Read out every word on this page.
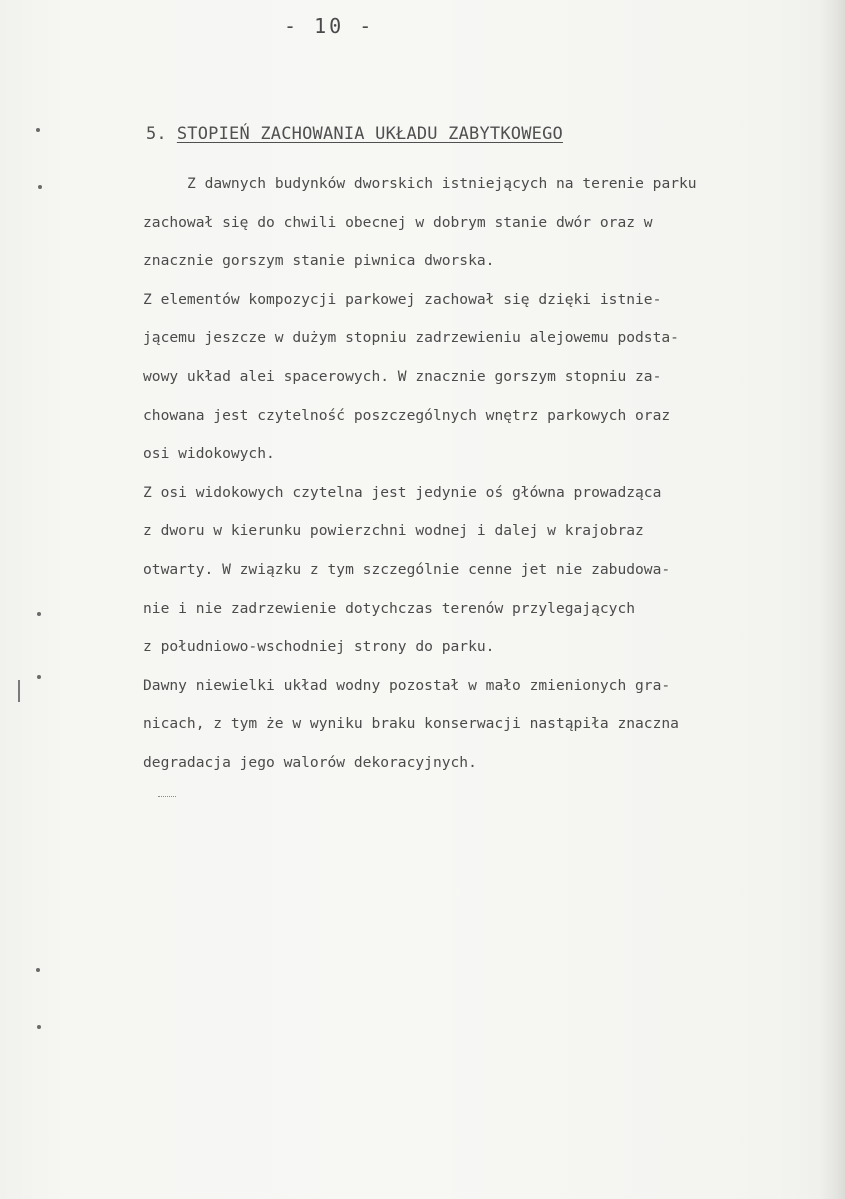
- 10 -
5. STOPIEŃ ZACHOWANIA UKŁADU ZABYTKOWEGO
Z dawnych budynków dworskich istniejących na terenie parku
zachował się do chwili obecnej w dobrym stanie dwór oraz w
znacznie gorszym stanie piwnica dworska.
Z elementów kompozycji parkowej zachował się dzięki istnie-
jącemu jeszcze w dużym stopniu zadrzewieniu alejowemu podsta-
wowy układ alei spacerowych. W znacznie gorszym stopniu za-
chowana jest czytelność poszczególnych wnętrz parkowych oraz
osi widokowych.
Z osi widokowych czytelna jest jedynie oś główna prowadząca
z dworu w kierunku powierzchni wodnej i dalej w krajobraz
otwarty. W związku z tym szczególnie cenne jet nie zabudowa-
nie i nie zadrzewienie dotychczas terenów przylegających
z południowo-wschodniej strony do parku.
Dawny niewielki układ wodny pozostał w mało zmienionych gra-
nicach, z tym że w wyniku braku konserwacji nastąpiła znaczna
degradacja jego walorów dekoracyjnych.
